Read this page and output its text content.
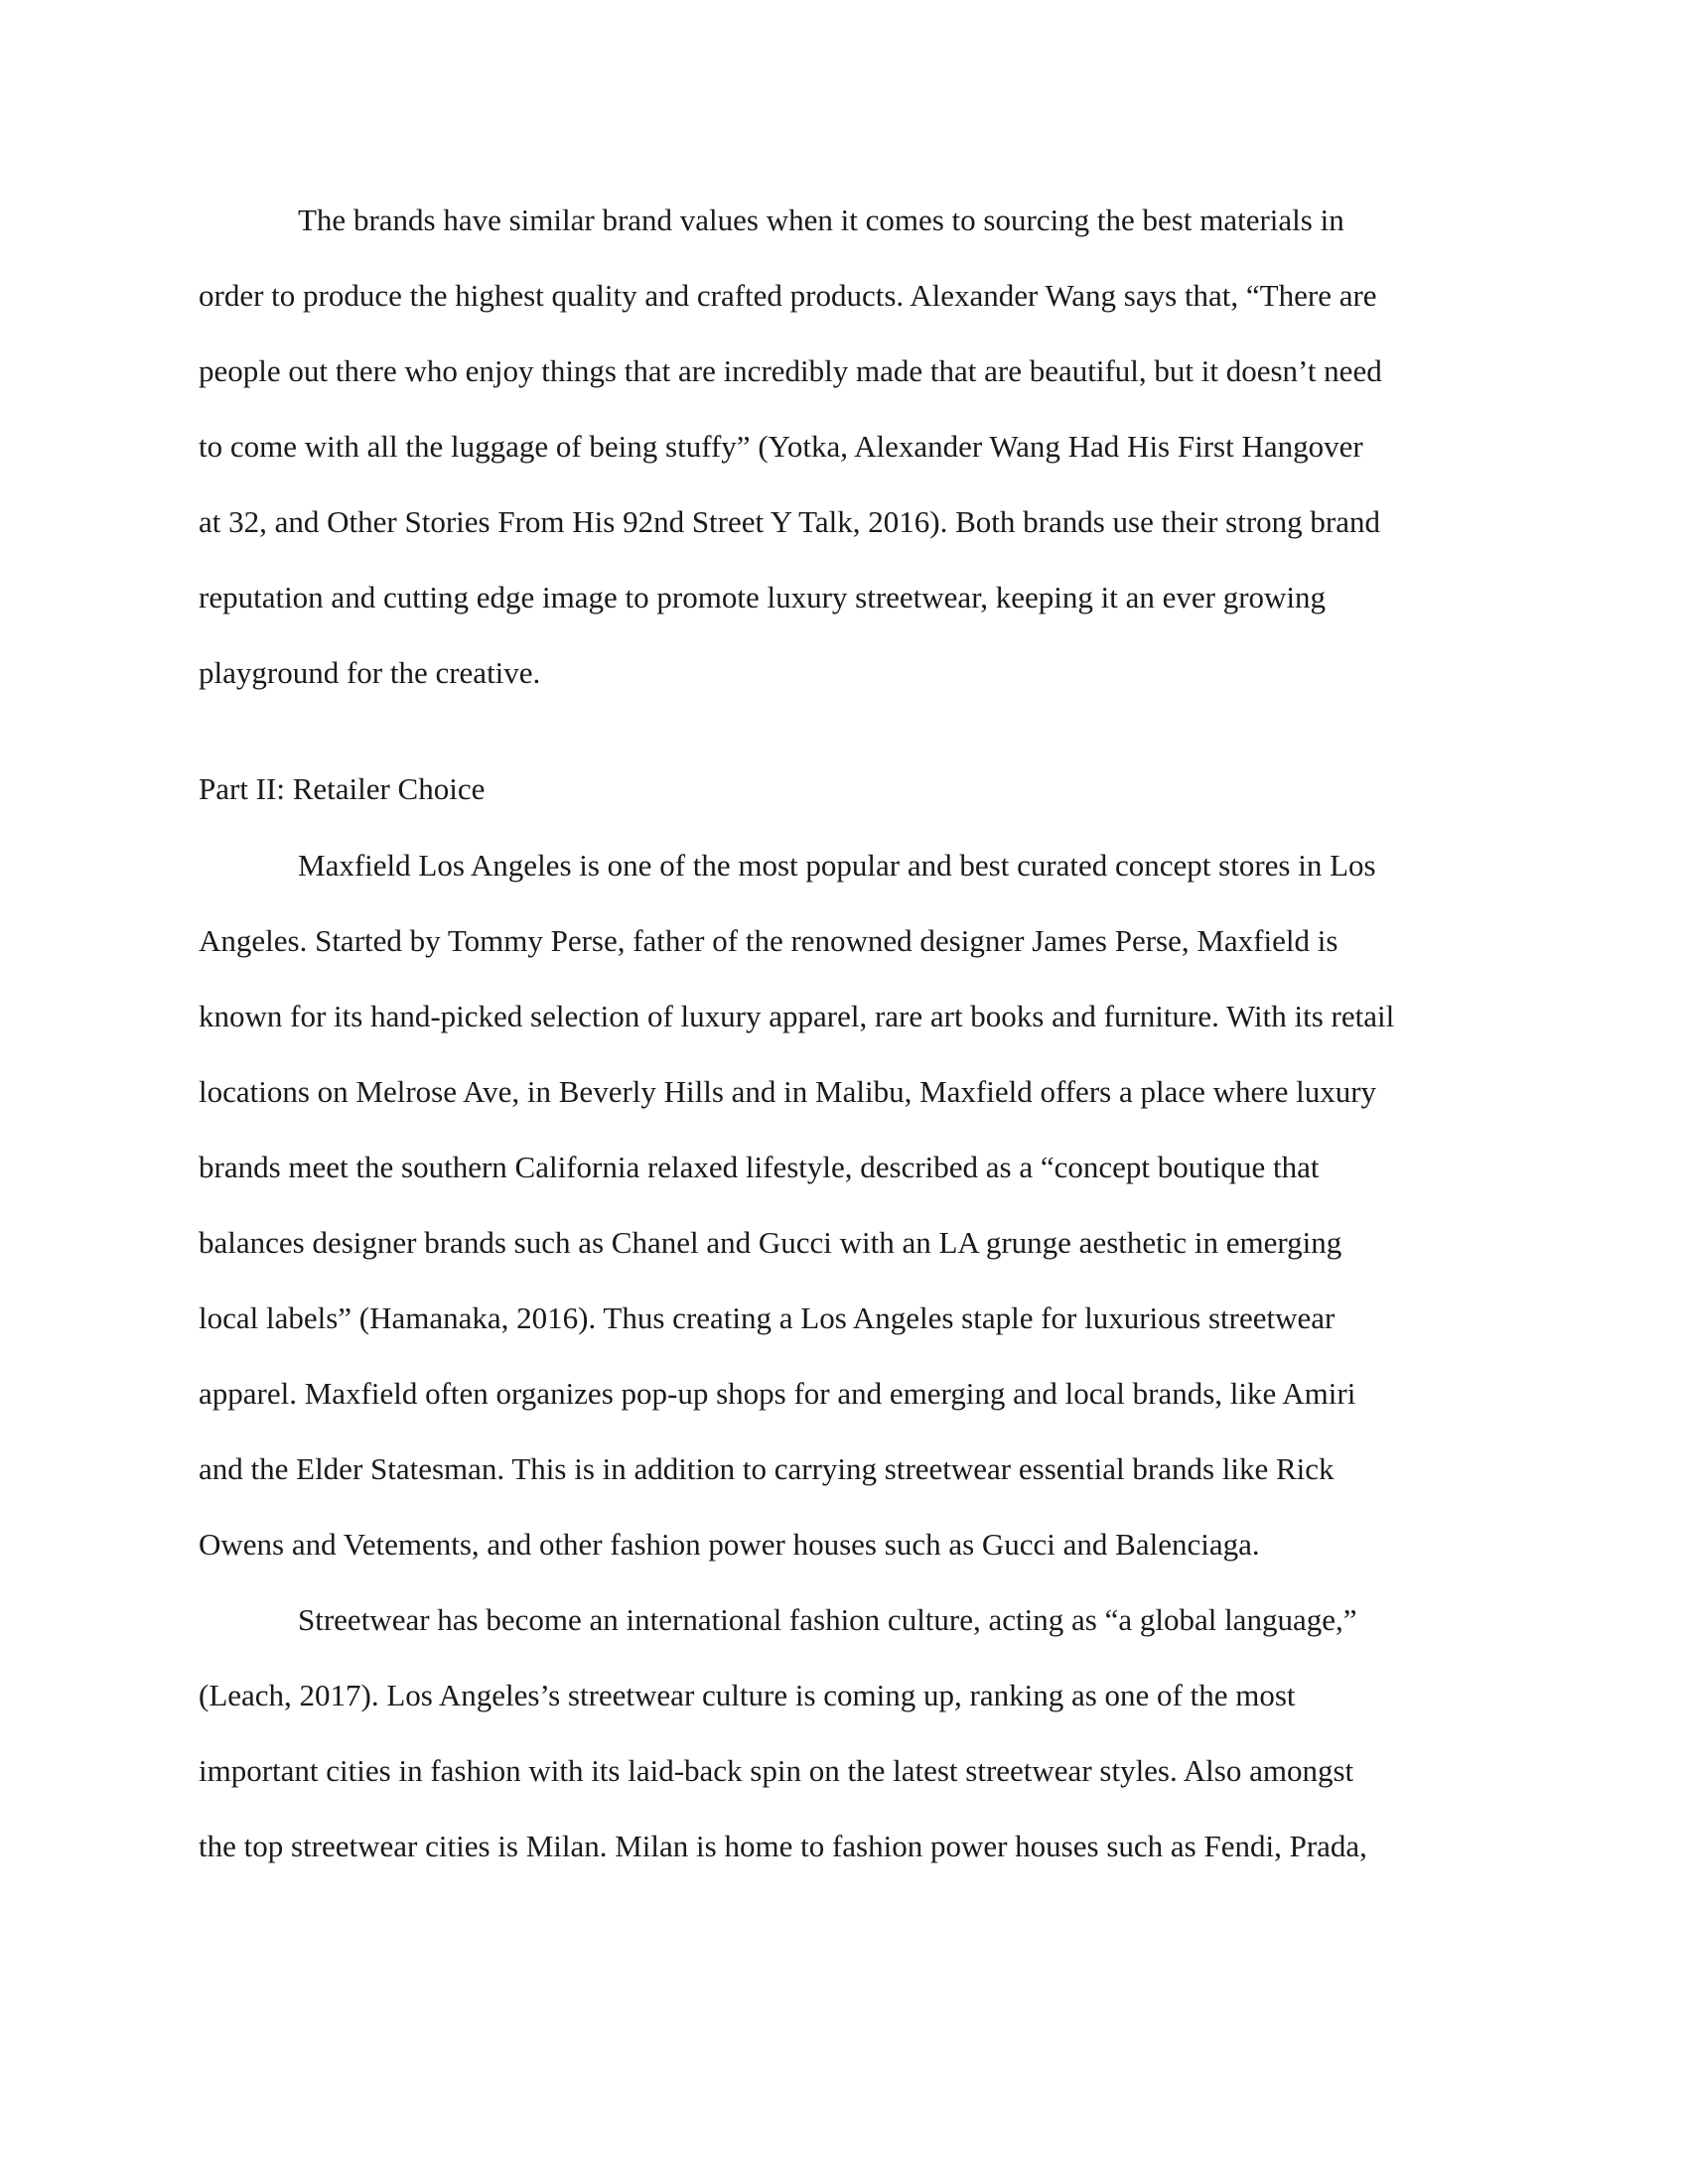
The brands have similar brand values when it comes to sourcing the best materials in
order to produce the highest quality and crafted products. Alexander Wang says that, “There are
people out there who enjoy things that are incredibly made that are beautiful, but it doesn’t need
to come with all the luggage of being stuffy” (Yotka, Alexander Wang Had His First Hangover
at 32, and Other Stories From His 92nd Street Y Talk, 2016). Both brands use their strong brand
reputation and cutting edge image to promote luxury streetwear, keeping it an ever growing
playground for the creative.
Part II: Retailer Choice
Maxfield Los Angeles is one of the most popular and best curated concept stores in Los
Angeles. Started by Tommy Perse, father of the renowned designer James Perse, Maxfield is
known for its hand-picked selection of luxury apparel, rare art books and furniture. With its retail
locations on Melrose Ave, in Beverly Hills and in Malibu, Maxfield offers a place where luxury
brands meet the southern California relaxed lifestyle, described as a “concept boutique that
balances designer brands such as Chanel and Gucci with an LA grunge aesthetic in emerging
local labels” (Hamanaka, 2016). Thus creating a Los Angeles staple for luxurious streetwear
apparel. Maxfield often organizes pop-up shops for and emerging and local brands, like Amiri
and the Elder Statesman. This is in addition to carrying streetwear essential brands like Rick
Owens and Vetements, and other fashion power houses such as Gucci and Balenciaga.
Streetwear has become an international fashion culture, acting as “a global language,”
(Leach, 2017). Los Angeles’s streetwear culture is coming up, ranking as one of the most
important cities in fashion with its laid-back spin on the latest streetwear styles. Also amongst
the top streetwear cities is Milan. Milan is home to fashion power houses such as Fendi, Prada,
